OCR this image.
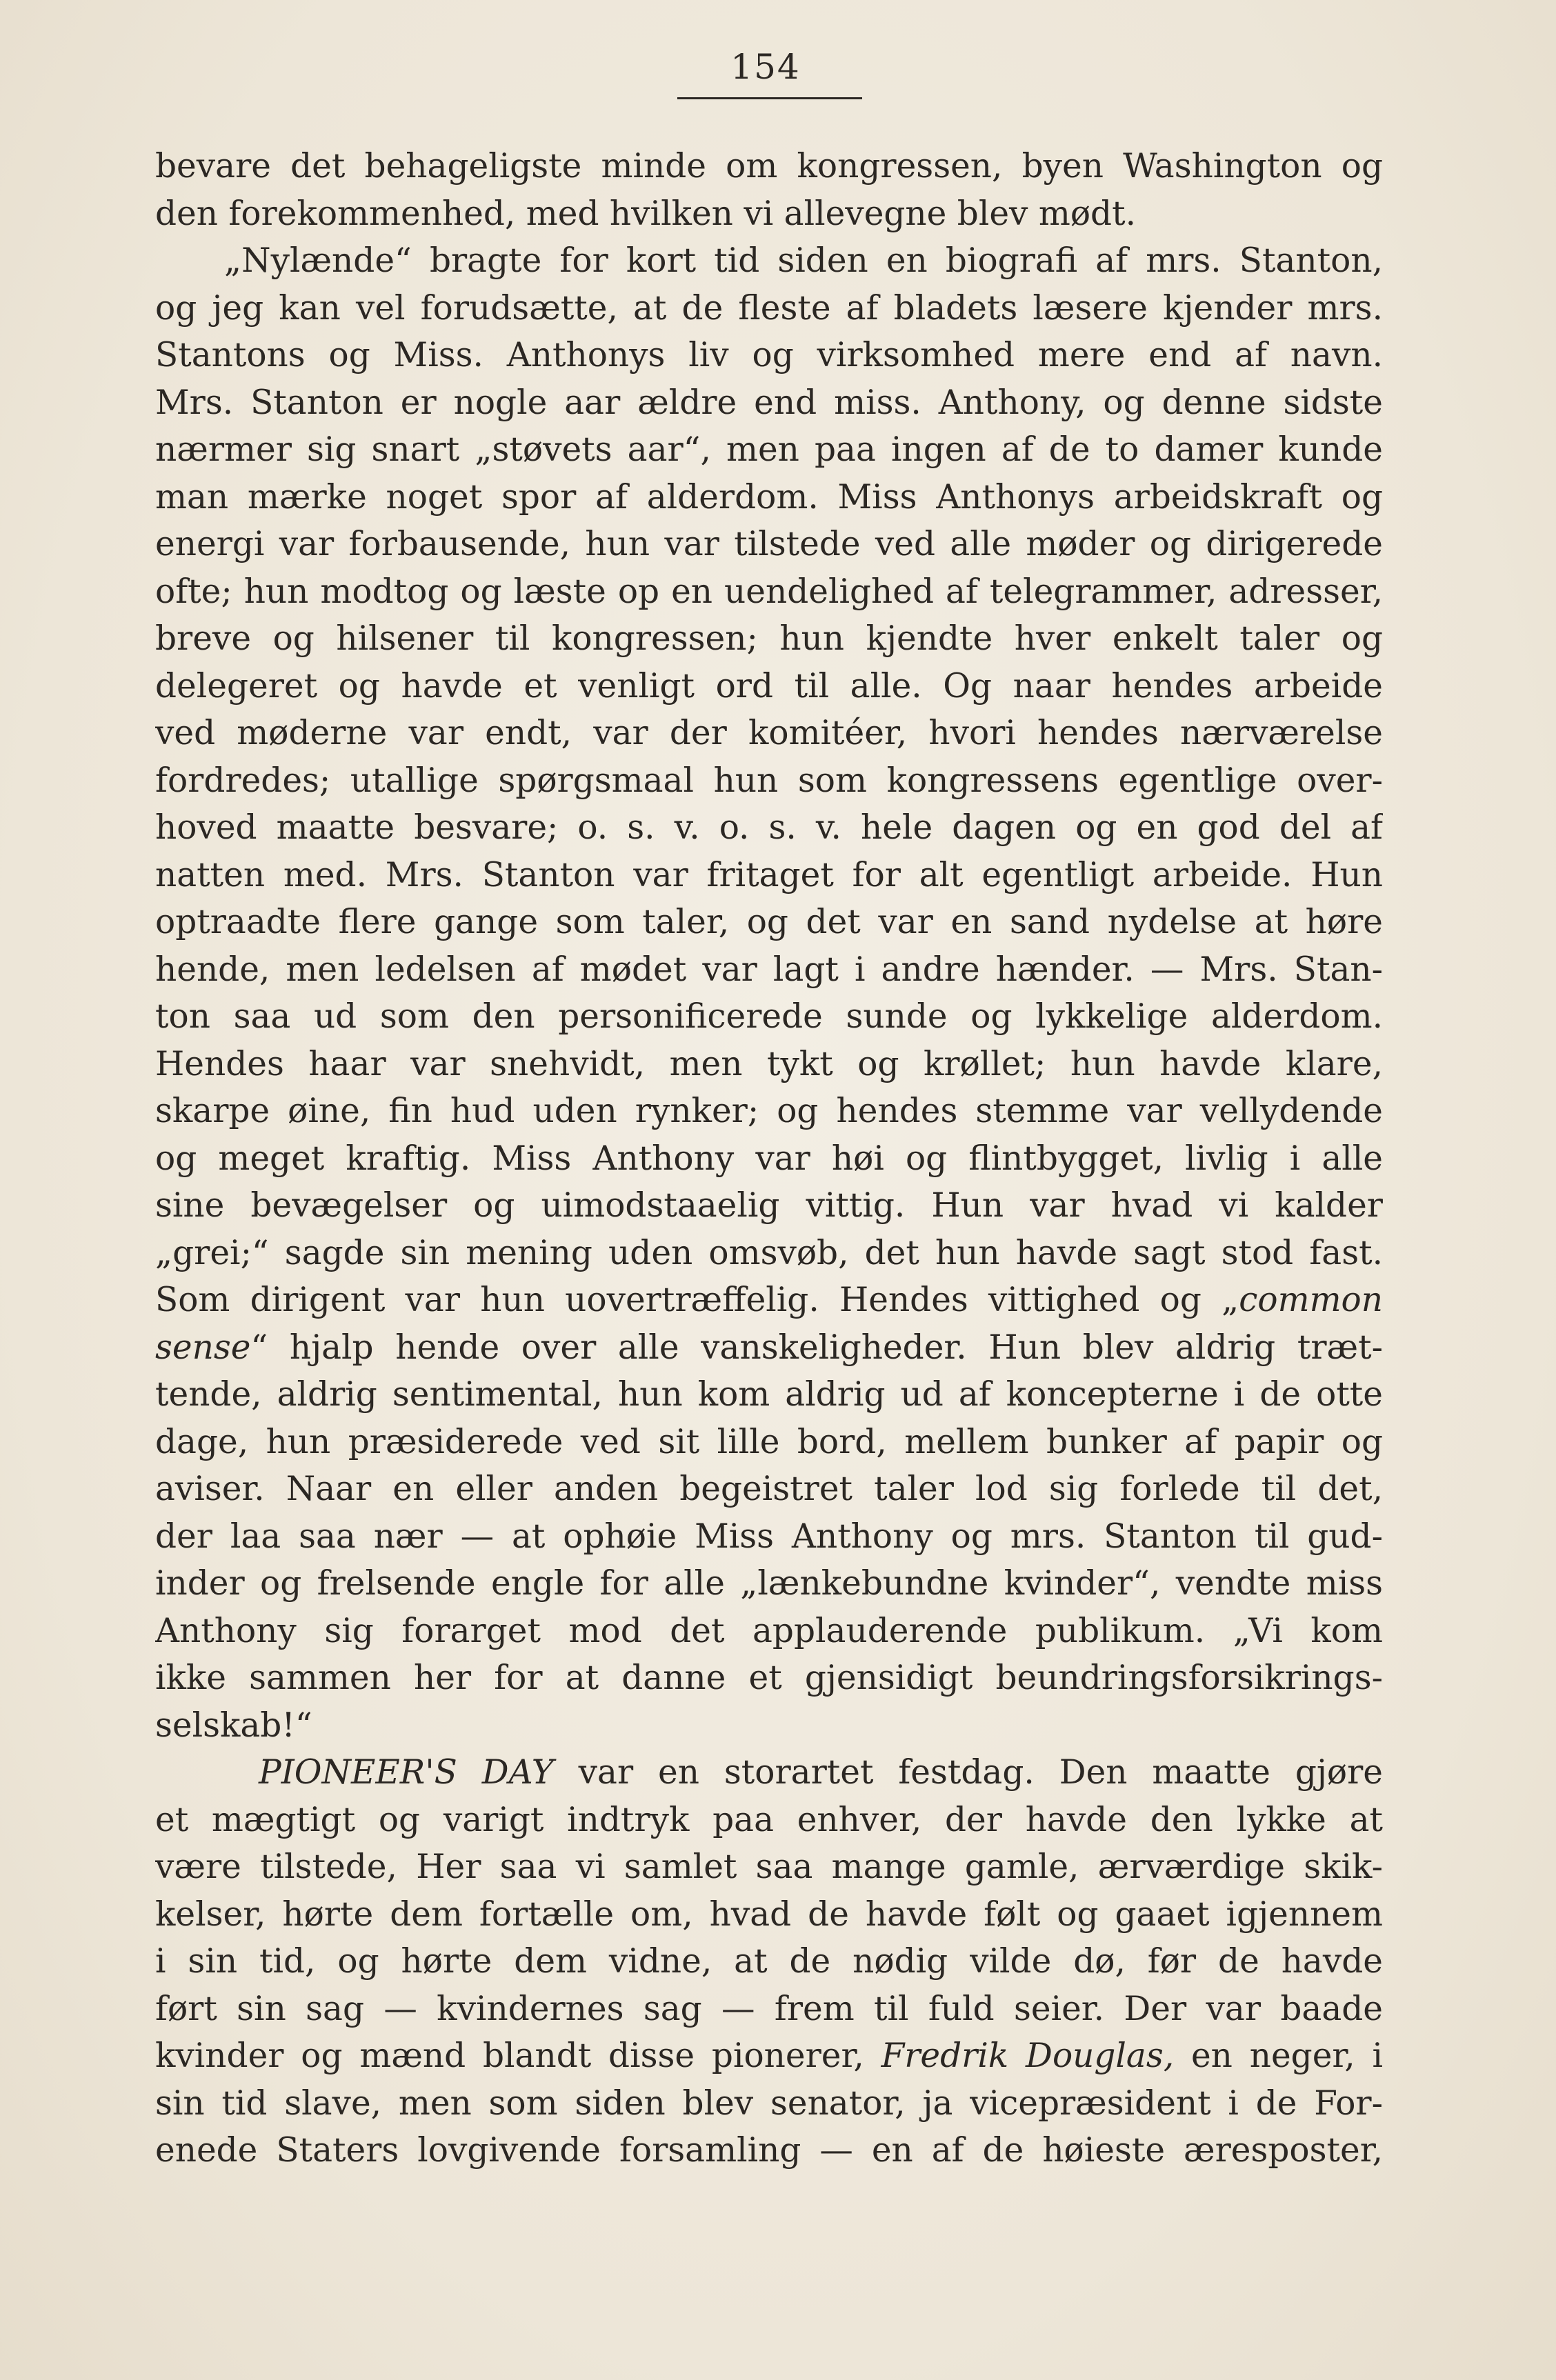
154
bevare det behageligste minde om kongressen, byen Washington og
den forekommenhed, med hvilken vi allevegne blev mødt.
„Nylænde“ bragte for kort tid siden en biografi af mrs. Stanton,
og jeg kan vel forudsætte, at de fleste af bladets læsere kjender mrs.
Stantons og Miss. Anthonys liv og virksomhed mere end af navn.
Mrs. Stanton er nogle aar ældre end miss. Anthony, og denne sidste
nærmer sig snart „støvets aar“, men paa ingen af de to damer kunde
man mærke noget spor af alderdom. Miss Anthonys arbeidskraft og
energi var forbausende, hun var tilstede ved alle møder og dirigerede
ofte; hun modtog og læste op en uendelighed af telegrammer, adresser,
breve og hilsener til kongressen; hun kjendte hver enkelt taler og
delegeret og havde et venligt ord til alle. Og naar hendes arbeide
ved møderne var endt, var der komitéer, hvori hendes nærværelse
fordredes; utallige spørgsmaal hun som kongressens egentlige over-
hoved maatte besvare; o. s. v. o. s. v. hele dagen og en god del af
natten med. Mrs. Stanton var fritaget for alt egentligt arbeide. Hun
optraadte flere gange som taler, og det var en sand nydelse at høre
hende, men ledelsen af mødet var lagt i andre hænder. — Mrs. Stan-
ton saa ud som den personificerede sunde og lykkelige alderdom.
Hendes haar var snehvidt, men tykt og krøllet; hun havde klare,
skarpe øine, fin hud uden rynker; og hendes stemme var vellydende
og meget kraftig. Miss Anthony var høi og flintbygget, livlig i alle
sine bevægelser og uimodstaaelig vittig. Hun var hvad vi kalder
„grei;“ sagde sin mening uden omsvøb, det hun havde sagt stod fast.
Som dirigent var hun uovertræffelig. Hendes vittighed og „common
sense“ hjalp hende over alle vanskeligheder. Hun blev aldrig træt-
tende, aldrig sentimental, hun kom aldrig ud af koncepterne i de otte
dage, hun præsiderede ved sit lille bord, mellem bunker af papir og
aviser. Naar en eller anden begeistret taler lod sig forlede til det,
der laa saa nær — at ophøie Miss Anthony og mrs. Stanton til gud-
inder og frelsende engle for alle „lænkebundne kvinder“, vendte miss
Anthony sig forarget mod det applauderende publikum. „Vi kom
ikke sammen her for at danne et gjensidigt beundringsforsikrings-
selskab!“
PIONEER'S DAY var en storartet festdag. Den maatte gjøre
et mægtigt og varigt indtryk paa enhver, der havde den lykke at
være tilstede, Her saa vi samlet saa mange gamle, ærværdige skik-
kelser, hørte dem fortælle om, hvad de havde følt og gaaet igjennem
i sin tid, og hørte dem vidne, at de nødig vilde dø, før de havde
ført sin sag — kvindernes sag — frem til fuld seier. Der var baade
kvinder og mænd blandt disse pionerer, Fredrik Douglas, en neger, i
sin tid slave, men som siden blev senator, ja vicepræsident i de For-
enede Staters lovgivende forsamling — en af de høieste æresposter,
